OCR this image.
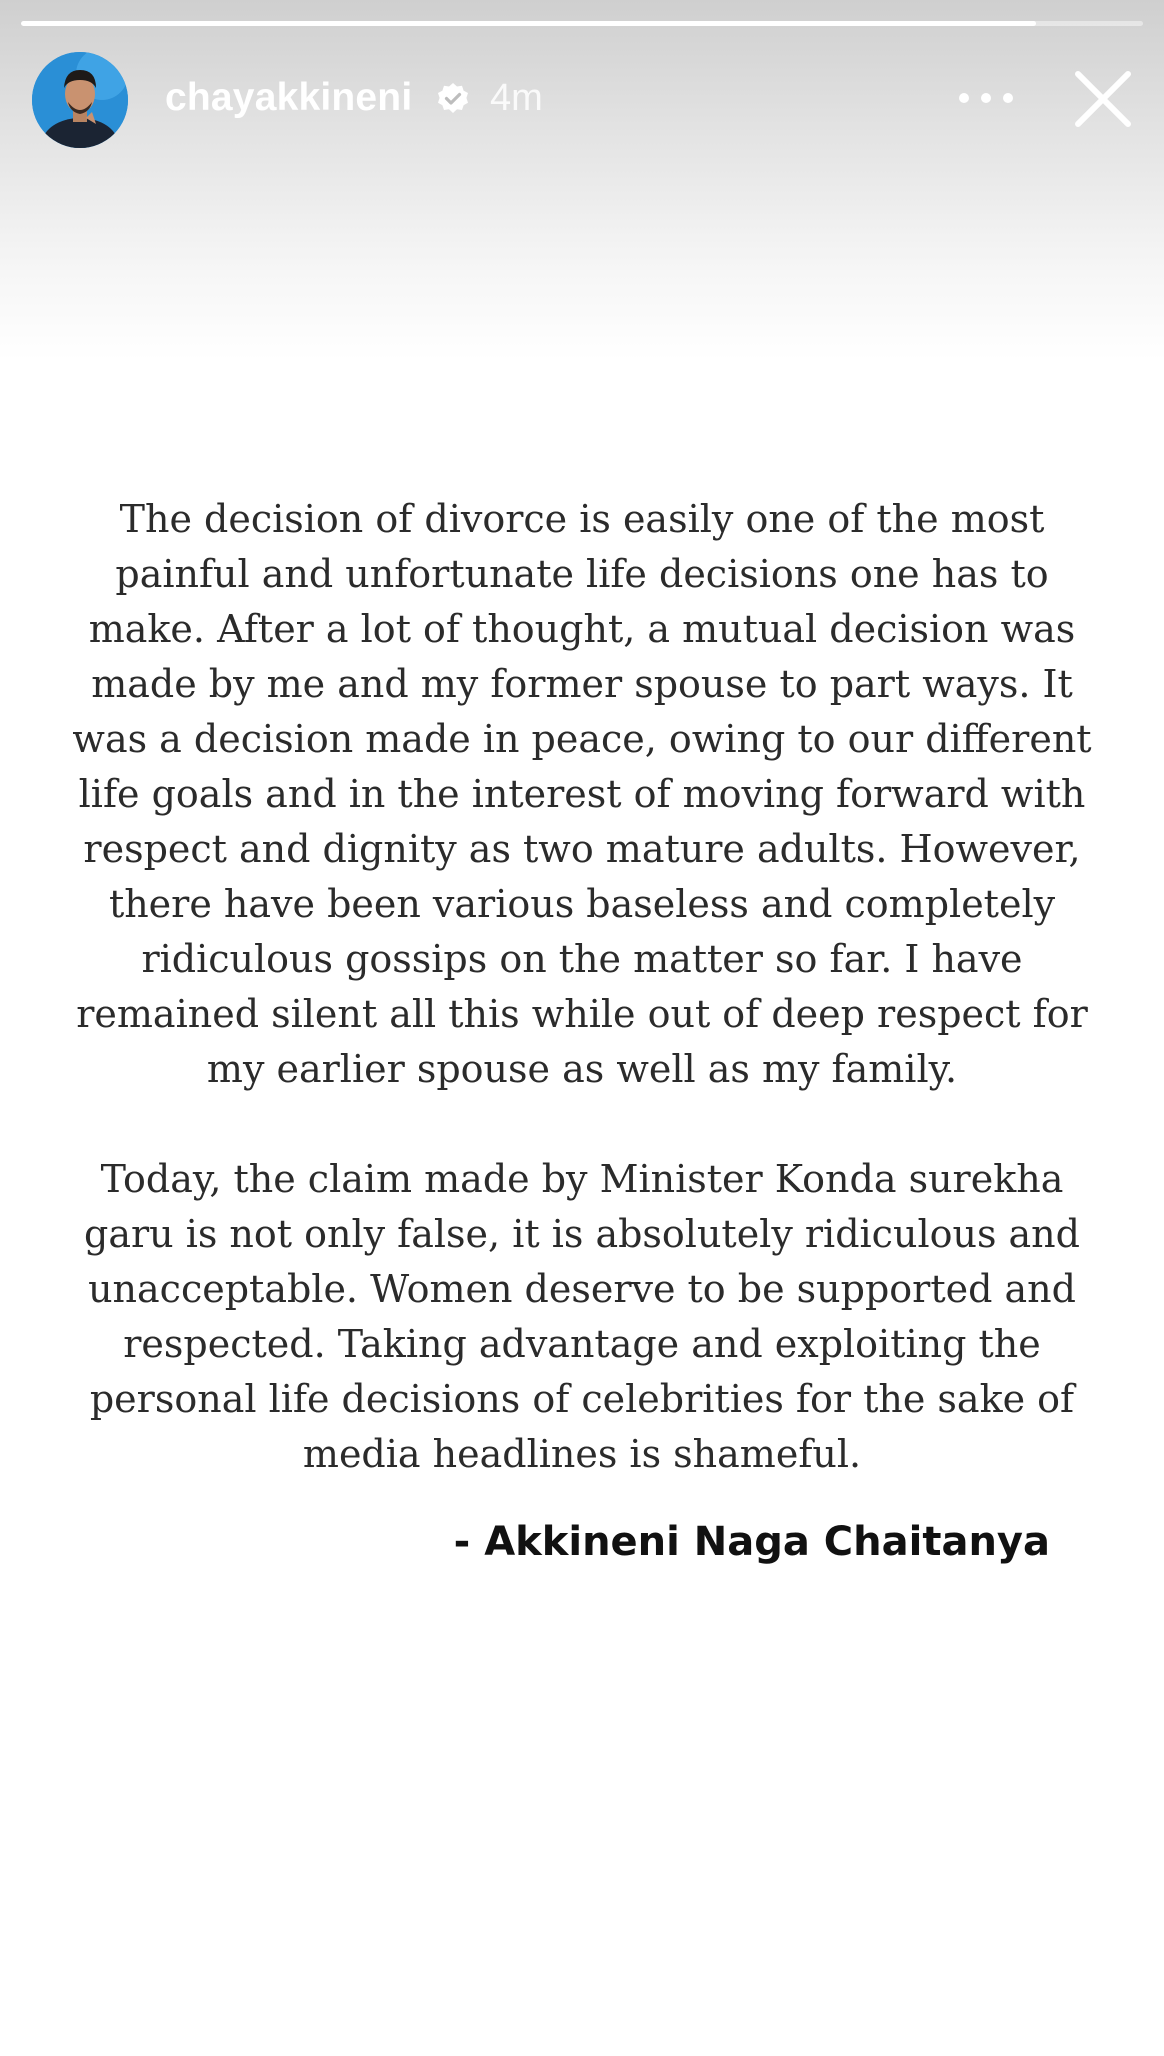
chayakkineni 4m

The decision of divorce is easily one of the most painful and unfortunate life decisions one has to make. After a lot of thought, a mutual decision was made by me and my former spouse to part ways. It was a decision made in peace, owing to our different life goals and in the interest of moving forward with respect and dignity as two mature adults. However, there have been various baseless and completely ridiculous gossips on the matter so far. I have remained silent all this while out of deep respect for my earlier spouse as well as my family.

Today, the claim made by Minister Konda surekha garu is not only false, it is absolutely ridiculous and unacceptable. Women deserve to be supported and respected. Taking advantage and exploiting the personal life decisions of celebrities for the sake of media headlines is shameful.

- Akkineni Naga Chaitanya
